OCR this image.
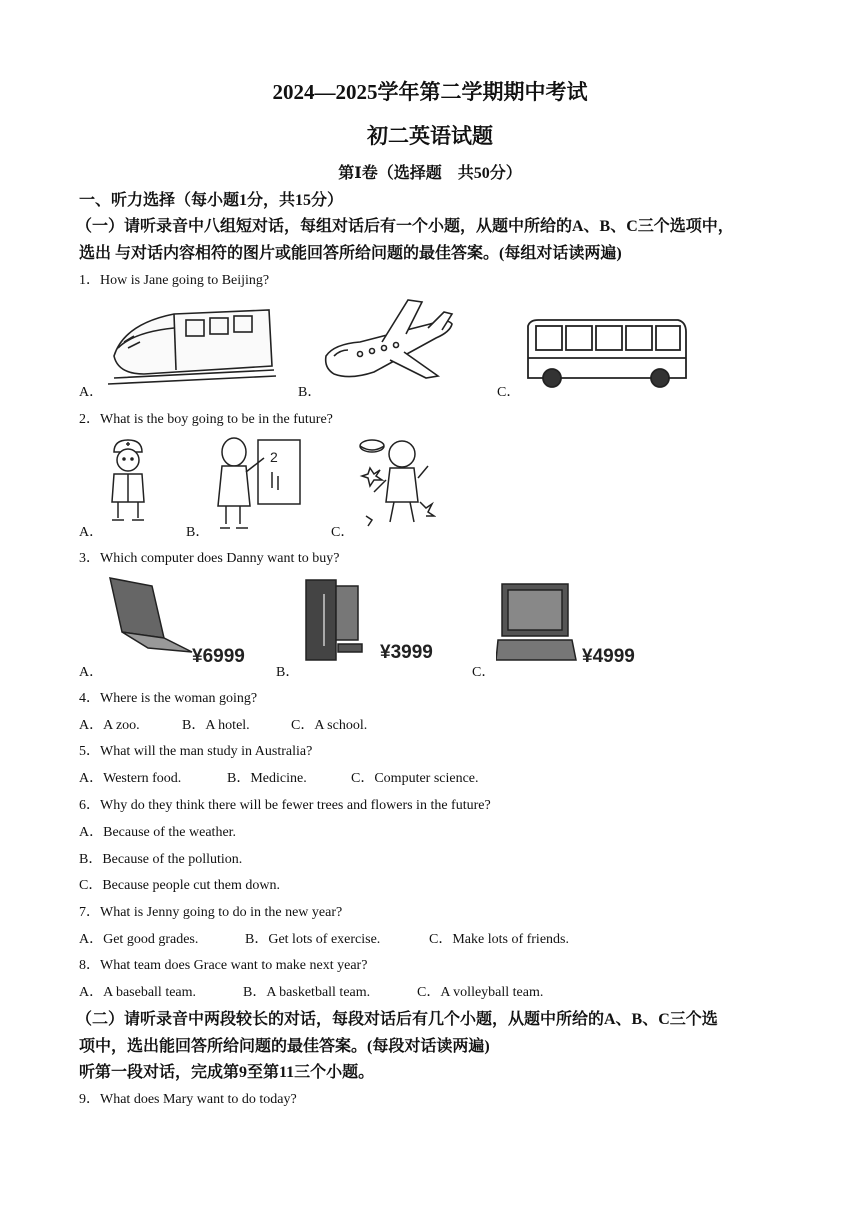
2024—2025学年第二学期期中考试
初二英语试题
第Ⅰ卷（选择题　共50分）
一、听力选择（每小题1分，共15分）
（一）请听录音中八组短对话，每组对话后有一个小题，从题中所给的A、B、C三个选项中，
选出 与对话内容相符的图片或能回答所给问题的最佳答案。(每组对话读两遍)
1．How is Jane going to Beijing?
A．	B．	C．
2．What is the boy going to be in the future?
A．
2
B．	C．
3．Which computer does Danny want to buy?
¥6999
A．
¥3999
B．
¥4999
C．
4．Where is the woman going?
A．A zoo.	B．A hotel.	C．A school.
5．What will the man study in Australia?
A．Western food.	B．Medicine.	C．Computer science.
6．Why do they think there will be fewer trees and flowers in the future?
A．Because of the weather.
B．Because of the pollution.
C．Because people cut them down.
7．What is Jenny going to do in the new year?
A．Get good grades.	B．Get lots of exercise.	C．Make lots of friends.
8．What team does Grace want to make next year?
A．A baseball team.	B．A basketball team.	C．A volleyball team.
（二）请听录音中两段较长的对话，每段对话后有几个小题，从题中所给的A、B、C三个选
项中，选出能回答所给问题的最佳答案。(每段对话读两遍)
听第一段对话，完成第9至第11三个小题。
9．What does Mary want to do today?
